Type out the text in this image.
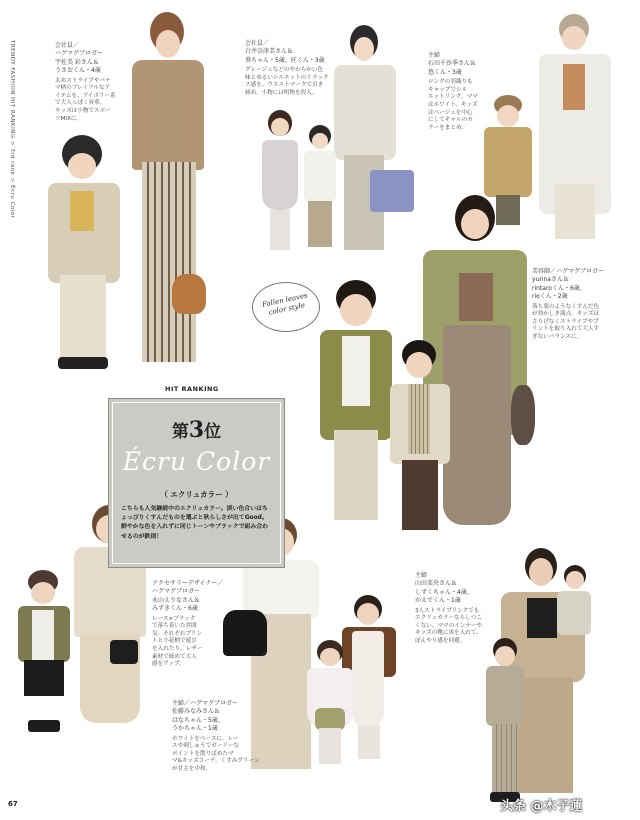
TRENDY FASHION HIT RANKING > 3rd rank > Écru Color	会社員／
ハグマグブロガー
宇佐美 彩さん＆
うさおくん・4歳
太めストライプやパナ
マ柄のブレイフルなア
イテムを、アイボリー系
で大人っぽく昇華。
キッズは小物でスポー
ツMIXに。
会社員／
白井奈津美さん＆
葵ちゃん・5歳、匠くん・3歳
グレージュなどのやわらかい色
味とゆるいシルエットのリラック
ス感を、ウエストマークで引き
締め。小物には明物を投入。
主婦
石田千沙季さん＆
悠くん・3歳
ロングの羽織りも
キャップでシル
エットリンク。ママ
はホワイト、キッズ
はベージュを中心
にしてギャルのカ
ラーをまとめ。
美容師／ハグマグブロガー
yurinaさん＆
rintaroくん・6歳、
rioくん・2歳
落ち葉のようなくすんだ色
が効かしき満点。キッズは
さりげなくストライプやプ
リントを取り入れて大人す
ぎないバランスに。
アクセサリーデザイナー／
ハグマグブロガー
永山えりなさん＆
みずきくん・6歳
レース×ブラック
で落ち着いた雰囲
気。それぞれプリン
トと小花柄で遊び
を入れたり、レザー
素材で締めて大人
感をアップ。
主婦／ハグマグブロガー
佐藤みなみさん＆
はなちゃん・5歳、
うかちゃん・1歳
ホワイトをベースに、レー
スや刺しゅうでガーリーな
ポイントを散りばめたマ
マ&キッズコーデ。くすみグリーン
が甘さを中和。
主婦
山田菜央さん＆
しずくちゃん・4歳、
かえでくん・1歳
3人ストライプリンクでも
エクリュカラーならしつこ
くない。ママのインナーや
キッズの靴に黒を入れて、
ぼんやり感を回避。
Fallen leaves
color style
HIT RANKING
第3位
Écru Color
（ エクリュカラー ）
こちらも人気継続中のエクリュカラー。淡い色合いはちょっぴりくすんだものを選ぶと秋らしさが出てGood。鮮やかな色を入れずに同じトーンやブラックで組み合わせるのが鉄則！
67	头条 @木子蓮
